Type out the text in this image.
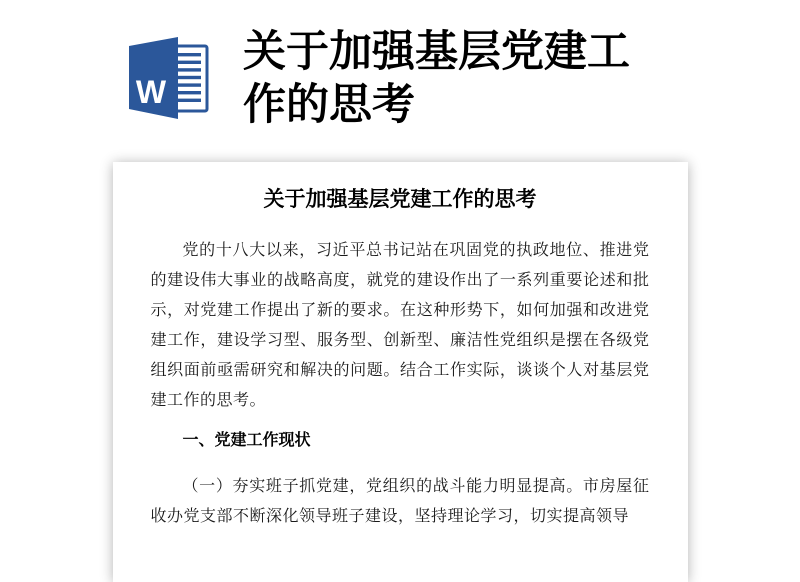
W
关于加强基层党建工作的思考
关于加强基层党建工作的思考

党的十八大以来，习近平总书记站在巩固党的执政地位、推进党的建设伟大事业的战略高度，就党的建设作出了一系列重要论述和批示，对党建工作提出了新的要求。在这种形势下，如何加强和改进党建工作，建设学习型、服务型、创新型、廉洁性党组织是摆在各级党组织面前亟需研究和解决的问题。结合工作实际，谈谈个人对基层党建工作的思考。

一、党建工作现状

（一）夯实班子抓党建，党组织的战斗能力明显提高。市房屋征收办党支部不断深化领导班子建设，坚持理论学习，切实提高领导
